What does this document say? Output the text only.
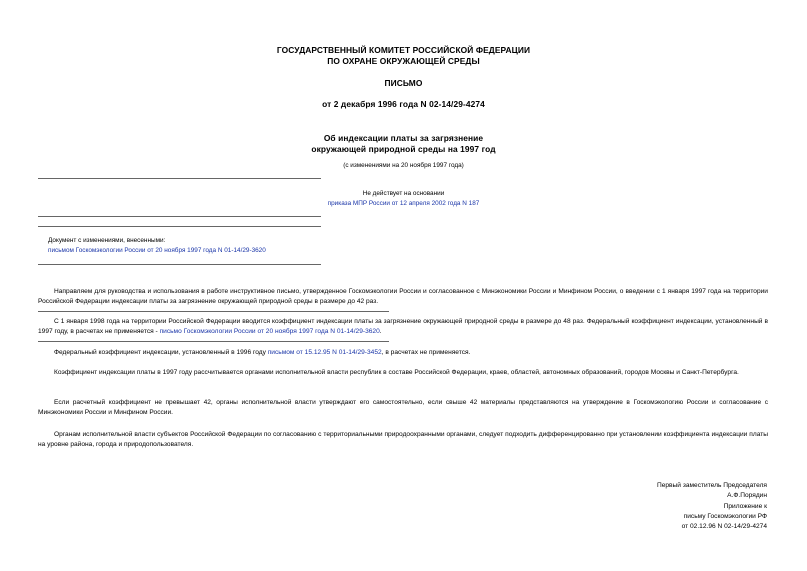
ГОСУДАРСТВЕННЫЙ КОМИТЕТ РОССИЙСКОЙ ФЕДЕРАЦИИ
ПО ОХРАНЕ ОКРУЖАЮЩЕЙ СРЕДЫ
ПИСЬМО
от 2 декабря 1996 года N 02-14/29-4274
Об индексации платы за загрязнение
окружающей природной среды на 1997 год
(с изменениями на 20 ноября 1997 года)
Не действует на основании
приказа МПР России от 12 апреля 2002 года N 187
Документ с изменениями, внесенными:
письмом Госкомэкологии России от 20 ноября 1997 года N 01-14/29-3620
Направляем для руководства и использования в работе инструктивное письмо, утвержденное Госкомэкологии России и согласованное с Минэкономики России и Минфином России, о введении с 1 января 1997 года на территории Российской Федерации индексации платы за загрязнение окружающей природной среды в размере до 42 раз.
С 1 января 1998 года на территории Российской Федерации вводится коэффициент индексации платы за загрязнение окружающей природной среды в размере до 48 раз. Федеральный коэффициент индексации, установленный в 1997 году, в расчетах не применяется - письмо Госкомэкологии России от 20 ноября 1997 года N 01-14/29-3620.
Федеральный коэффициент индексации, установленный в 1996 году письмом от 15.12.95 N 01-14/29-3452, в расчетах не применяется.
Коэффициент индексации платы в 1997 году рассчитывается органами исполнительной власти республик в составе Российской Федерации, краев, областей, автономных образований, городов Москвы и Санкт-Петербурга.
Если расчетный коэффициент не превышает 42, органы исполнительной власти утверждают его самостоятельно, если свыше 42 материалы представляются на утверждение в Госкомэкологию России и согласование с Минэкономики России и Минфином России.
Органам исполнительной власти субъектов Российской Федерации по согласованию с территориальными природоохранными органами, следует подходить дифференцированно при установлении коэффициента индексации платы на уровне района, города и природопользователя.
Первый заместитель Председателя
А.Ф.Порядин
Приложение к
письму Госкомэкологии РФ
от 02.12.96 N 02-14/29-4274
